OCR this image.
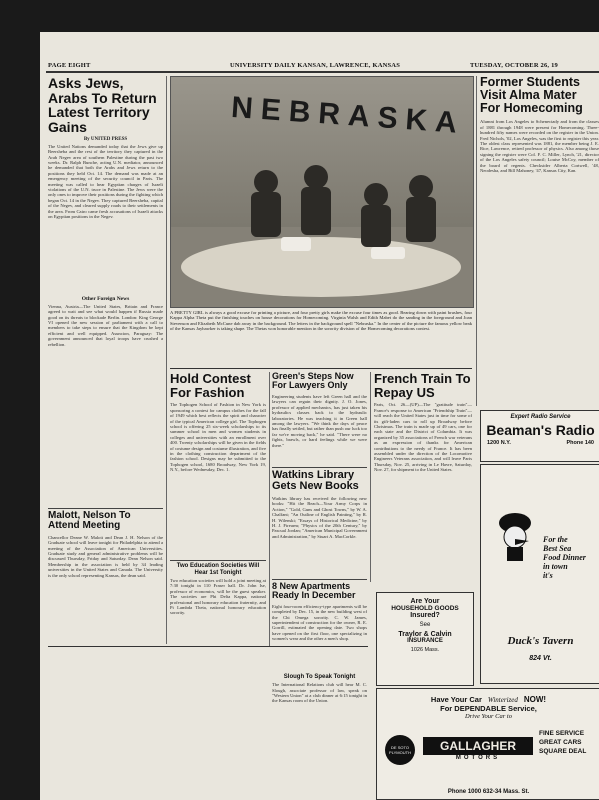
PAGE EIGHT	UNIVERSITY DAILY KANSAN, LAWRENCE, KANSAS	TUESDAY, OCTOBER 26, 19
Asks Jews, Arabs To Return Latest Territory Gains
By UNITED PRESS
The United Nations demanded today that the Jews give up Beersheba and the rest of the territory they captured in the Arab Negev area of southern Palestine during the past two weeks. Dr. Ralph Bunche, acting U.N. mediator, announced he demanded that both the Arabs and Jews return to the positions they held Oct. 14. The demand was made at an emergency meeting of the security council in Paris. The meeting was called to hear Egyptian charges of Israeli violations of the U.N. truce in Palestine. The Jews were the only ones to improve their positions during the fighting which began Oct. 14 in the Negev. They captured Beersheba, capital of the Negev, and cleared supply roads to their settlements in the area. From Cairo came fresh accusations of Israeli attacks on Egyptian positions in the Negev.
Other Foreign News
Vienna, Austria—The United States, Britain and France agreed to wait and see what would happen if Russia made good on its threats to blockade Berlin. London: King George VI opened the new session of parliament with a call to members to take steps to ensure that the Kingdom be kept efficient and well equipped. Asuncion, Paraguay: The government announced that loyal troops have crushed a rebellion.
Malott, Nelson To Attend Meeting
Chancellor Deane W. Malott and Dean J. H. Nelson of the Graduate school will leave tonight for Philadelphia to attend a meeting of the Association of American Universities. Graduate study and general administrative problems will be discussed Thursday, Friday and Saturday. Dean Nelson said. Membership in the association is held by 34 leading universities in the United States and Canada. The University is the only school representing Kansas, the dean said.
NEBRASKA
A PRETTY GIRL is always a good excuse for printing a picture, and four pretty girls make the excuse four times as good. Bearing down with paint brushes, four Kappa Alpha Theta put the finishing touches on house decorations for Homecoming. Virginia Walsh and Edith Mabet do the sanding in the foreground and Joan Stevenson and Elizabeth McCune dab away in the background. The letters in the background spell "Nebraska." In the center of the picture the famous yellow beak of the Kansas Jayhawker is taking shape. The Thetas won honorable mention in the sorority division of the Homecoming decorations contest.
Hold Contest For Fashion
The Tophogen School of Fashion in New York is sponsoring a contest for campus clothes for the fall of 1949 which best reflects the spirit and character of the typical American college girl. The Tophogen school is offering 25 six-week scholarships to its summer school in men and women students in colleges and universities with an enrollment over 400. Twenty scholarships will be given in the fields of costume design and costume illustration, and five in the clothing construction department of the fashion school. Designs may be submitted to the Tophogen school, 1680 Broadway, New York 19, N.Y., before Wednesday, Dec. 1.
Two Education Societies Will Hear 1st Tonight
Two education societies will hold a joint meeting at 7:30 tonight in 110 Fraser hall. Dr. John Ise, professor of economics, will be the guest speaker. The societies are Phi Delta Kappa, national professional and honorary education fraternity, and Pi Lambda Theta, national honorary education sorority.
Green's Steps Now For Lawyers Only
Engineering students have left Green hall and the lawyers can regain their dignity. J. O. Jones, professor of applied mechanics, has just taken his hydraulics classes back to the hydraulic laboratories. He was teaching it in Green hall among the lawyers. "We think the days of peace has finally settled, but rather than push our luck too far we're moving back," he said. "There were no fights, brawls, or hard feelings while we were there."
Watkins Library Gets New Books
Watkins library has received the following new books: "Hit the Beach—Your Army Corps in Action," "Gold, Guns and Ghost Towns," by W. A. Chalfant; "An Outline of English Painting," by R. H. Wilenski; "Essays of Historical Medicine," by H. J. Firearm; "Physics of the 20th Century," by Pascual Jordan; "American Municipal Government and Administration," by Stuart A. MacCorkle.
8 New Apartments Ready In December
Eight four-room efficiency-type apartments will be completed by Dec. 15, in the new building west of the Chi Omega sorority. C. W. James, superintendent of construction for the owner, R. E. Gorrill, estimated the opening date. Two shops have opened on the first floor, one specializing in women's wear and the other a men's shop.
Slough To Speak Tonight
The International Relations club will hear M. C. Slough, associate professor of law, speak on "Western Union" at a club dinner at 6:15 tonight in the Kansas room of the Union.
French Train To Repay US
Paris, Oct. 26—(UP)—The "gratitude train"—France's response to American "Friendship Train"—will reach the United States just in time for some of its gift-laden cars to roll up Broadway before Christmas. The train is made up of 49 cars, one for each state and the District of Columbia. It was organized by 35 associations of French war veterans as an expression of thanks for American contributions to the needy of France. It has been assembled under the direction of the Locomotive Engineers Veterans association, and will leave Paris Thursday, Nov. 25, arriving in Le Havre, Saturday, Nov. 27, for shipment to the United States.
Are Your
HOUSEHOLD GOODS
Insured?
See
Traylor & Calvin
INSURANCE
1026 Mass.
Former Students Visit Alma Mater For Homecoming
Alumni from Los Angeles to Schenectady and from the classes of 1881 through 1948 were present for Homecoming. Three-hundred fifty names were recorded on the register in the Union. Fred Nichols, '02, Los Angeles, was the first to register this year. The oldest class represented was 1881, the member being J. E. Rice, Lawrence, retired professor of physics. Also among those signing the register were Col. F. C. Miller, Lynch, '21, director of the Los Angeles safety council; Louise McCoy, member of the board of regents. Checksider Alberta Cortwell, '48, Neodesha, and Bill Mahoney, '47, Kansas City, Kan.
Expert Radio Service
Beaman's Radio
1200 N.Y.	Phone 140
For the
Best Sea
Food Dinner
in town
it's
Duck's Tavern
824 Vt.
Have Your Car Winterized NOW!
For DEPENDABLE Service,
Drive Your Car to
DE SOTO PLYMOUTH	GALLAGHER
MOTORS
FINE SERVICE GREAT CARS SQUARE DEAL
Phone 1000 632-34 Mass. St.
